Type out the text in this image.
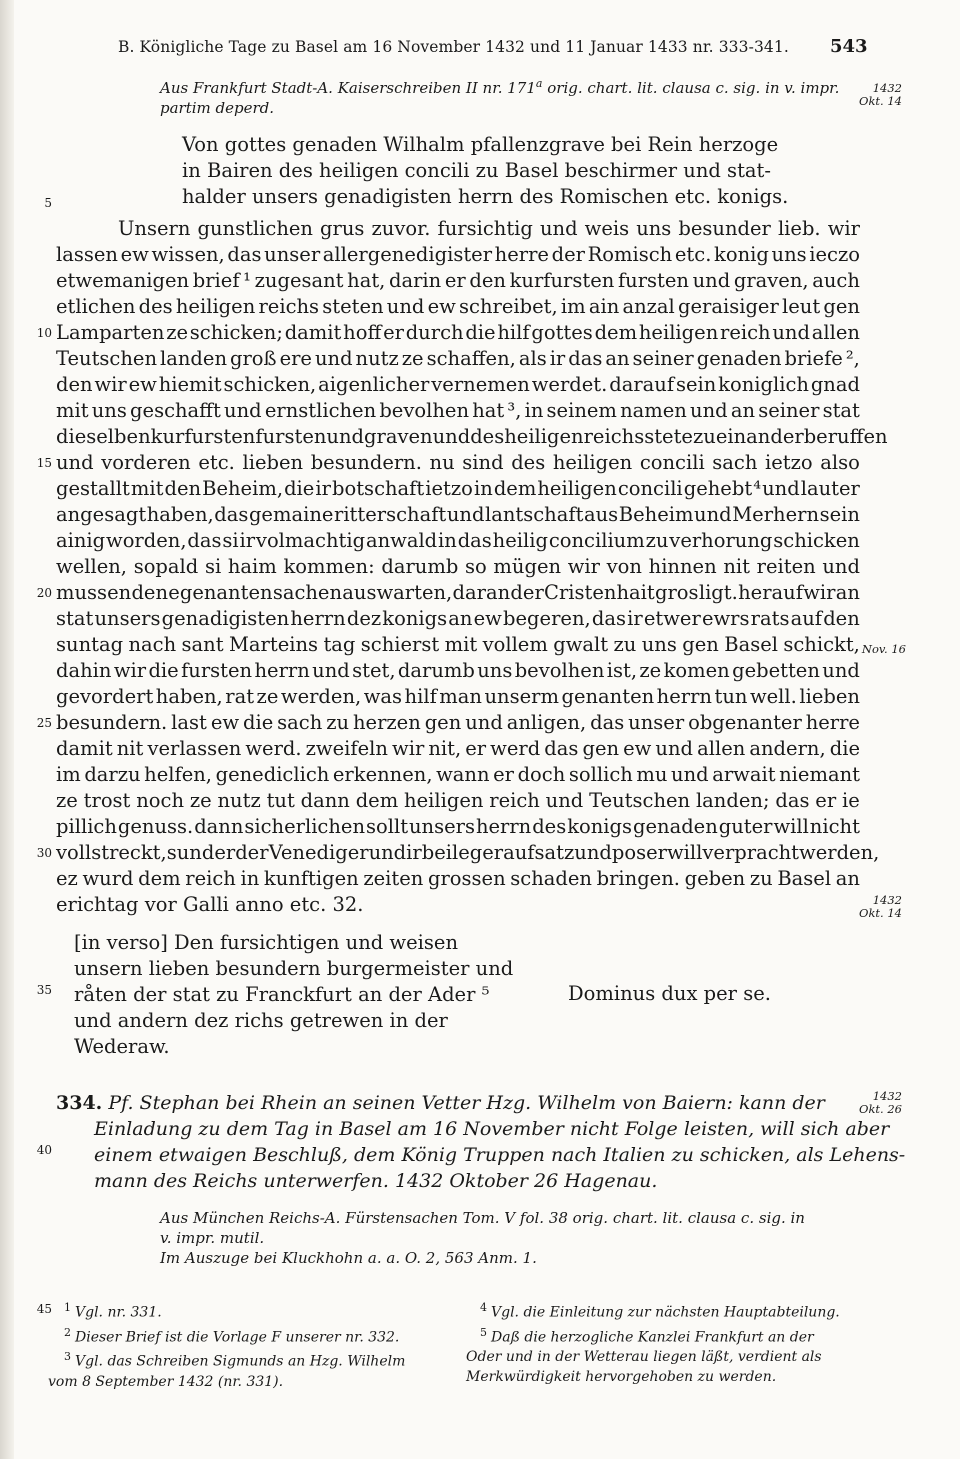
B. Königliche Tage zu Basel am 16 November 1432 und 11 Januar 1433 nr. 333-341. 543
Aus Frankfurt Stadt-A. Kaiserschreiben II nr. 171$^a$ orig. chart. lit. clausa c. sig. in v. impr.
partim deperd.
1432
Okt. 14
Nov. 16
1432
Okt. 14
1432
Okt. 26
5
10
15
20
25
30
35
40
45
Von gottes genaden Wilhalm pfallenzgrave bei Rein herzoge
in Bairen des heiligen concili zu Basel beschirmer und stat-
halder unsers genadigisten herrn des Romischen etc. konigs.
Unsern gunstlichen grus zuvor. fursichtig und weis uns besunder lieb. wir
lassen ew wissen, das unser allergenedigister herre der Romisch etc. konig uns ieczo
etwemanigen brief ¹ zugesant hat, darin er den kurfursten fursten und graven, auch
etlichen des heiligen reichs steten und ew schreibet, im ain anzal geraisiger leut gen
Lamparten ze schicken; damit hoff er durch die hilf gottes dem heiligen reich und allen
Teutschen landen groß ere und nutz ze schaffen, als ir das an seiner genaden briefe ²,
den wir ew hiemit schicken, aigenlicher vernemen werdet. darauf sein koniglich gnad
mit uns geschafft und ernstlichen bevolhen hat ³, in seinem namen und an seiner stat
dieselben kurfursten fursten und graven und des heiligen reichs stete zu einander beruffen
und vorderen etc. lieben besundern. nu sind des heiligen concili sach ietzo also
gestallt mit den Beheim, die ir botschaft ietzo in dem heiligen concili gehebt ⁴ und lauter
angesagt haben, das gemaine ritterschaft und lantschaft aus Beheim und Merhern sein
ainig worden, das si ir volmachtig anwald in das heilig concilium zu verhorung schicken
wellen, sopald si haim kommen: darumb so mügen wir von hinnen nit reiten und
mussen den egenanten sachen auswarten, daran der Cristenhait gros ligt. herauf wir an
stat unsers genadigisten herrn dez konigs an ew begeren, das ir etwer ewrs rats auf den
suntag nach sant Marteins tag schierst mit vollem gwalt zu uns gen Basel schickt,
dahin wir die fursten herrn und stet, darumb uns bevolhen ist, ze komen gebetten und
gevordert haben, rat ze werden, was hilf man unserm genanten herrn tun well. lieben
besundern. last ew die sach zu herzen gen und anligen, das unser obgenanter herre
damit nit verlassen werd. zweifeln wir nit, er werd das gen ew und allen andern, die
im darzu helfen, genediclich erkennen, wann er doch sollich mu und arwait niemant
ze trost noch ze nutz tut dann dem heiligen reich und Teutschen landen; das er ie
pillich genuss. dann sicherlichen sollt unsers herrn des konigs genaden guter will nicht
vollstreckt, sunder der Venediger und ir beileger aufsatz und poser will verpracht werden,
ez wurd dem reich in kunftigen zeiten grossen schaden bringen. geben zu Basel an
erichtag vor Galli anno etc. 32.
[in verso] Den fursichtigen und weisen
unsern lieben besundern burgermeister und
råten der stat zu Franckfurt an der Ader ⁵
und andern dez richs getrewen in der
Wederaw.
Dominus dux per se.
334. Pf. Stephan bei Rhein an seinen Vetter Hzg. Wilhelm von Baiern: kann der
Einladung zu dem Tag in Basel am 16 November nicht Folge leisten, will sich aber
einem etwaigen Beschluß, dem König Truppen nach Italien zu schicken, als Lehens-
mann des Reichs unterwerfen. 1432 Oktober 26 Hagenau.
Aus München Reichs-A. Fürstensachen Tom. V fol. 38 orig. chart. lit. clausa c. sig. in
v. impr. mutil.
Im Auszuge bei Kluckhohn a. a. O. 2, 563 Anm. 1.
$^1$ Vgl. nr. 331.
$^2$ Dieser Brief ist die Vorlage F unserer nr. 332.
$^3$ Vgl. das Schreiben Sigmunds an Hzg. Wilhelm
vom 8 September 1432 (nr. 331).
$^4$ Vgl. die Einleitung zur nächsten Hauptabteilung.
$^5$ Daß die herzogliche Kanzlei Frankfurt an der
Oder und in der Wetterau liegen läßt, verdient als
Merkwürdigkeit hervorgehoben zu werden.
